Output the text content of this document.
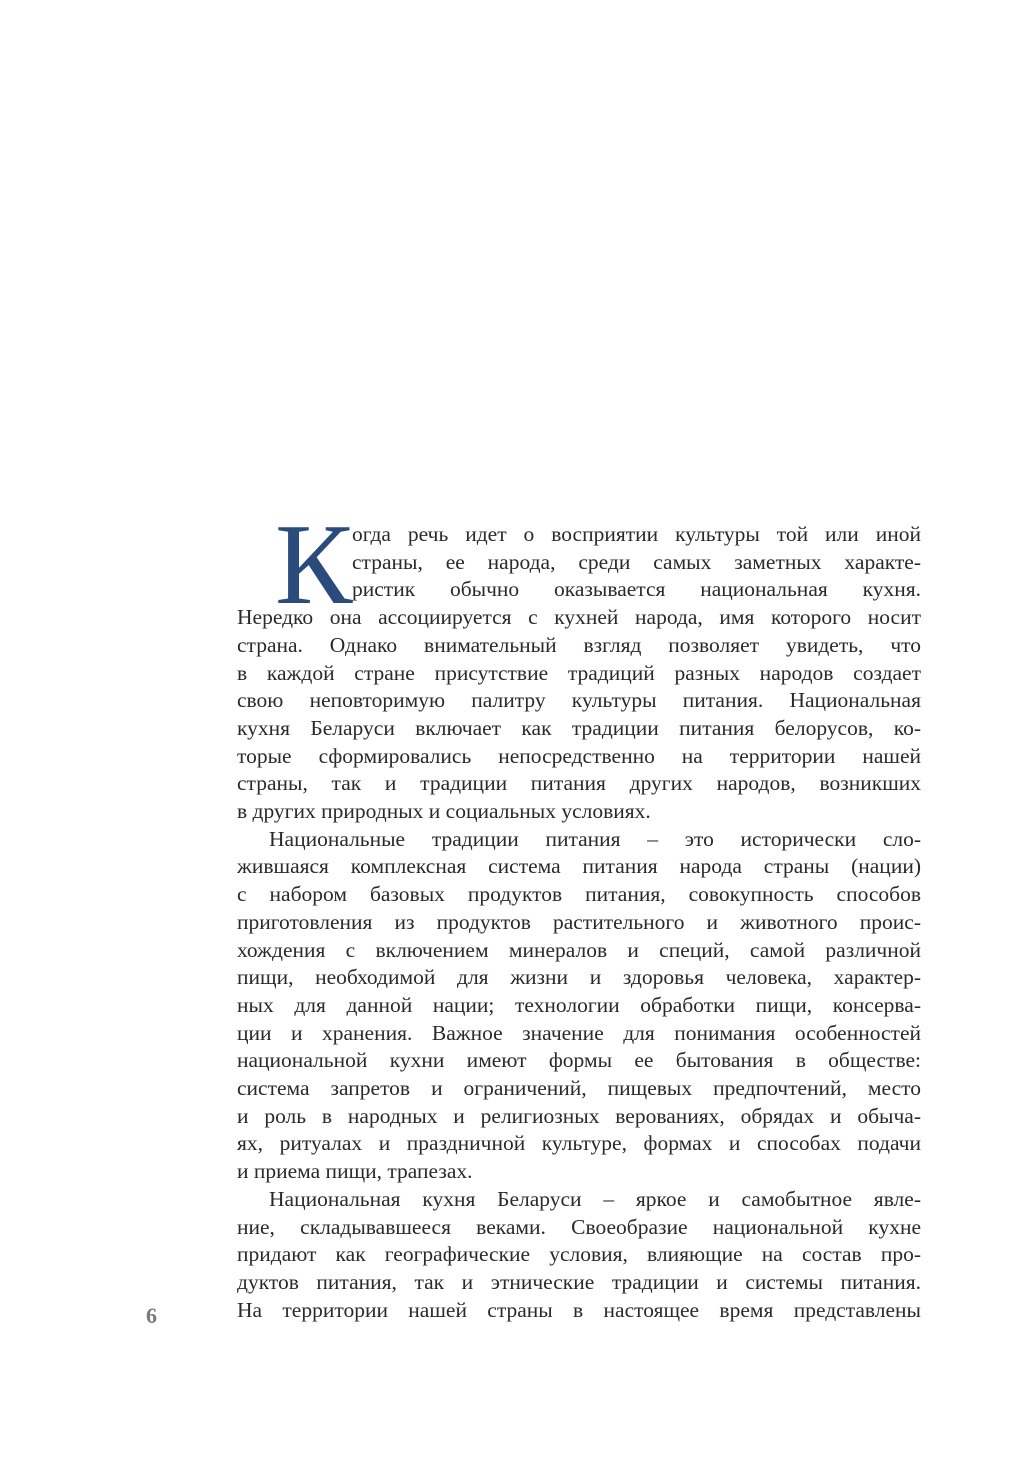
К огда речь идет о восприятии культуры той или иной
страны, ее народа, среди самых заметных характе-
ристик обычно оказывается национальная кухня.
Нередко она ассоциируется с кухней народа, имя которого носит
страна. Однако внимательный взгляд позволяет увидеть, что
в каждой стране присутствие традиций разных народов создает
свою неповторимую палитру культуры питания. Национальная
кухня Беларуси включает как традиции питания белорусов, ко-
торые сформировались непосредственно на территории нашей
страны, так и традиции питания других народов, возникших
в других природных и социальных условиях.
Национальные традиции питания – это исторически сло-
жившаяся комплексная система питания народа страны (нации)
с набором базовых продуктов питания, совокупность способов
приготовления из продуктов растительного и животного проис-
хождения с включением минералов и специй, самой различной
пищи, необходимой для жизни и здоровья человека, характер-
ных для данной нации; технологии обработки пищи, консерва-
ции и хранения. Важное значение для понимания особенностей
национальной кухни имеют формы ее бытования в обществе:
система запретов и ограничений, пищевых предпочтений, место
и роль в народных и религиозных верованиях, обрядах и обыча-
ях, ритуалах и праздничной культуре, формах и способах подачи
и приема пищи, трапезах.
Национальная кухня Беларуси – яркое и самобытное явле-
ние, складывавшееся веками. Своеобразие национальной кухне
придают как географические условия, влияющие на состав про-
дуктов питания, так и этнические традиции и системы питания.
На территории нашей страны в настоящее время представлены
6
